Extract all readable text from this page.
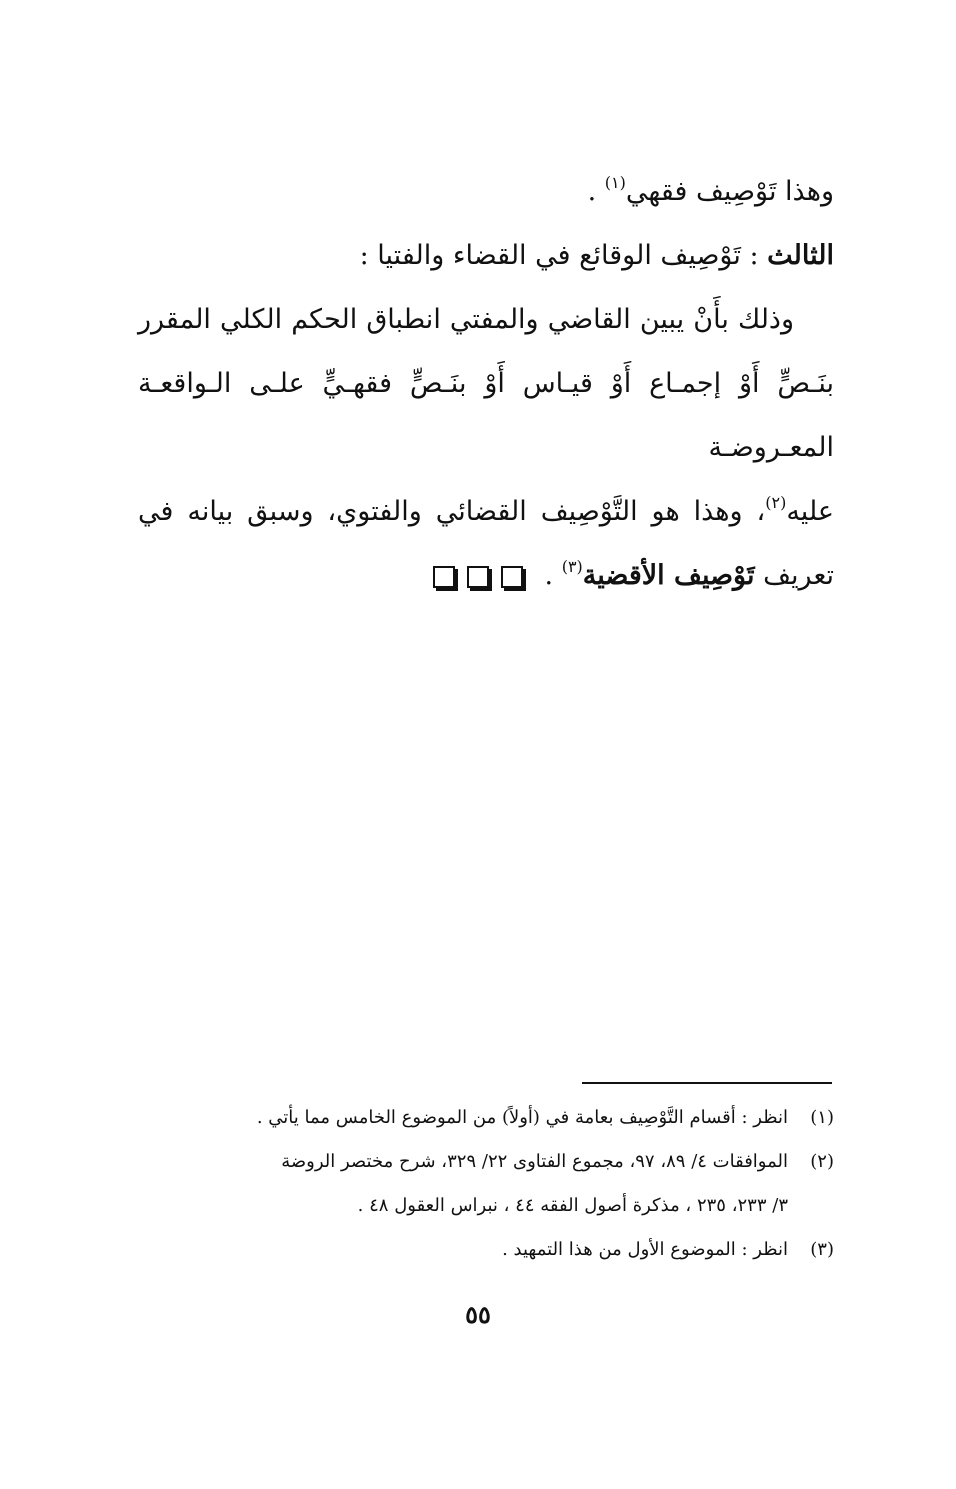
وهذا تَوْصِيف فقهي$^{(١)}$ .
الثالث : تَوْصِيف الوقائع في القضاء والفتيا :
وذلك بأَنْ يبين القاضي والمفتي انطباق الحكم الكلي المقرر
بنَـصٍّ أَوْ إجمـاع أَوْ قيـاس أَوْ بنَـصٍّ فقهـيٍّ علـى الـواقعـة المعـروضـة
عليه$^{(٢)}$، وهذا هو التَّوْصِيف القضائي والفتوي، وسبق بيانه في
تعريف تَوْصِيف الأقضية$^{(٣)}$ .

(١)انظر : أقسام التَّوْصِيف بعامة في (أولاً) من الموضوع الخامس مما يأتي .
(٢)الموافقات ٤/ ٨٩، ٩٧، مجموع الفتاوى ٢٢/ ٣٢٩، شرح مختصر الروضة
٣/ ٢٣٣، ٢٣٥ ، مذكرة أصول الفقه ٤٤ ، نبراس العقول ٤٨ .
(٣)انظر : الموضوع الأول من هذا التمهيد .
٥٥
